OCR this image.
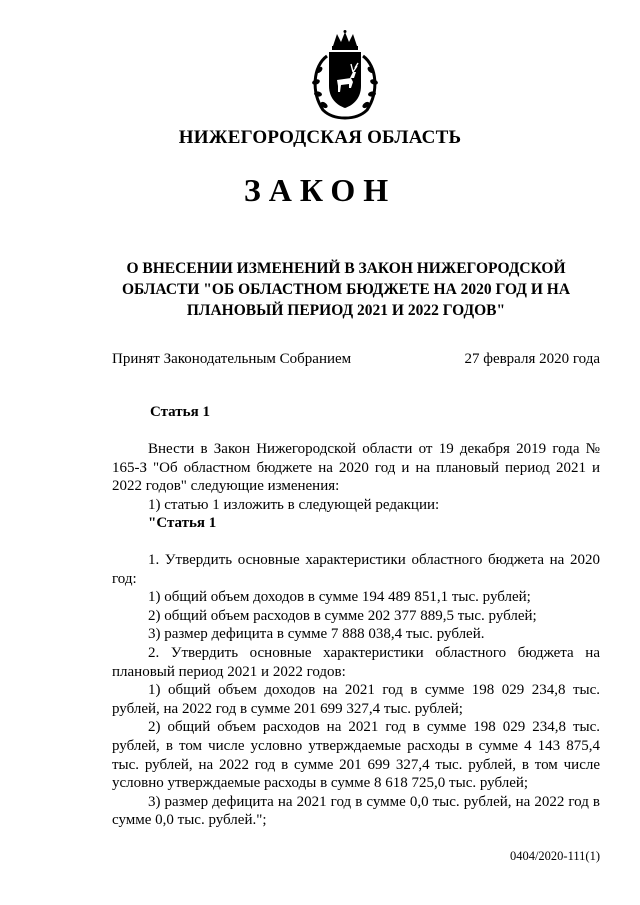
НИЖЕГОРОДСКАЯ ОБЛАСТЬ
ЗАКОН
О ВНЕСЕНИИ ИЗМЕНЕНИЙ В ЗАКОН НИЖЕГОРОДСКОЙ
ОБЛАСТИ "ОБ ОБЛАСТНОМ БЮДЖЕТЕ НА 2020 ГОД И НА
ПЛАНОВЫЙ ПЕРИОД 2021 И 2022 ГОДОВ"
Принят Законодательным Собранием	27 февраля 2020 года
Статья 1

Внести в Закон Нижегородской области от 19 декабря 2019 года № 165-З "Об областном бюджете на 2020 год и на плановый период 2021 и 2022 годов" следующие изменения:

1) статью 1 изложить в следующей редакции:

"Статья 1

1. Утвердить основные характеристики областного бюджета на 2020 год:

1) общий объем доходов в сумме 194 489 851,1 тыс. рублей;

2) общий объем расходов в сумме 202 377 889,5 тыс. рублей;

3) размер дефицита в сумме 7 888 038,4 тыс. рублей.

2. Утвердить основные характеристики областного бюджета на плановый период 2021 и 2022 годов:

1) общий объем доходов на 2021 год в сумме 198 029 234,8 тыс. рублей, на 2022 год в сумме 201 699 327,4 тыс. рублей;

2) общий объем расходов на 2021 год в сумме 198 029 234,8 тыс. рублей, в том числе условно утверждаемые расходы в сумме 4 143 875,4 тыс. рублей, на 2022 год в сумме 201 699 327,4 тыс. рублей, в том числе условно утверждаемые расходы в сумме 8 618 725,0 тыс. рублей;

3) размер дефицита на 2021 год в сумме 0,0 тыс. рублей, на 2022 год в сумме 0,0 тыс. рублей.";

0404/2020-111(1)
